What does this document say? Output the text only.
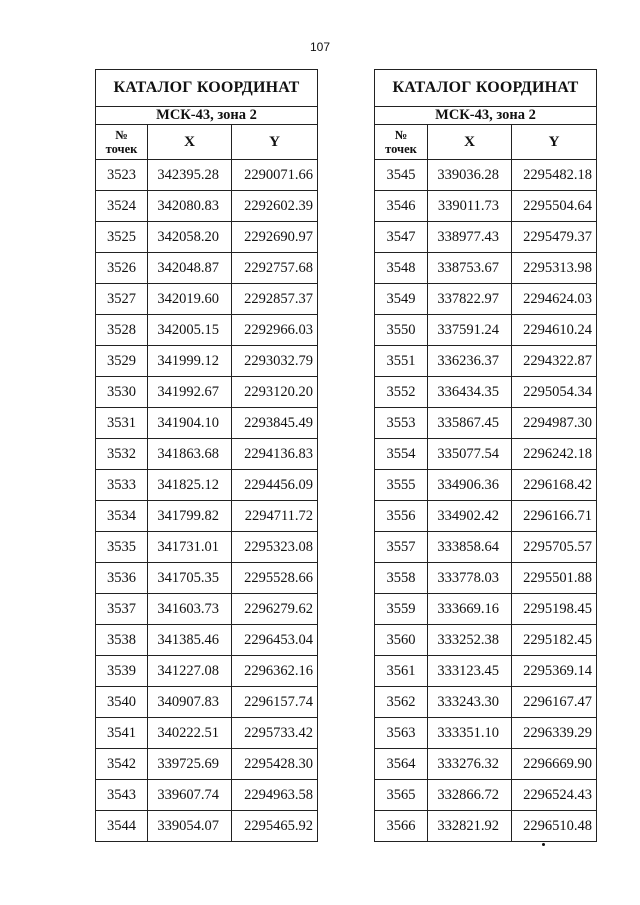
107
КАТАЛОГ КООРДИНАТ		
МСК-43, зона 2		

№
точек	X	Y
3523	342395.28	2290071.66
3524	342080.83	2292602.39
3525	342058.20	2292690.97
3526	342048.87	2292757.68
3527	342019.60	2292857.37
3528	342005.15	2292966.03
3529	341999.12	2293032.79
3530	341992.67	2293120.20
3531	341904.10	2293845.49
3532	341863.68	2294136.83
3533	341825.12	2294456.09
3534	341799.82	2294711.72
3535	341731.01	2295323.08
3536	341705.35	2295528.66
3537	341603.73	2296279.62
3538	341385.46	2296453.04
3539	341227.08	2296362.16
3540	340907.83	2296157.74
3541	340222.51	2295733.42
3542	339725.69	2295428.30
3543	339607.74	2294963.58
3544	339054.07	2295465.92
КАТАЛОГ КООРДИНАТ		
МСК-43, зона 2		

№
точек	X	Y
3545	339036.28	2295482.18
3546	339011.73	2295504.64
3547	338977.43	2295479.37
3548	338753.67	2295313.98
3549	337822.97	2294624.03
3550	337591.24	2294610.24
3551	336236.37	2294322.87
3552	336434.35	2295054.34
3553	335867.45	2294987.30
3554	335077.54	2296242.18
3555	334906.36	2296168.42
3556	334902.42	2296166.71
3557	333858.64	2295705.57
3558	333778.03	2295501.88
3559	333669.16	2295198.45
3560	333252.38	2295182.45
3561	333123.45	2295369.14
3562	333243.30	2296167.47
3563	333351.10	2296339.29
3564	333276.32	2296669.90
3565	332866.72	2296524.43
3566	332821.92	2296510.48
